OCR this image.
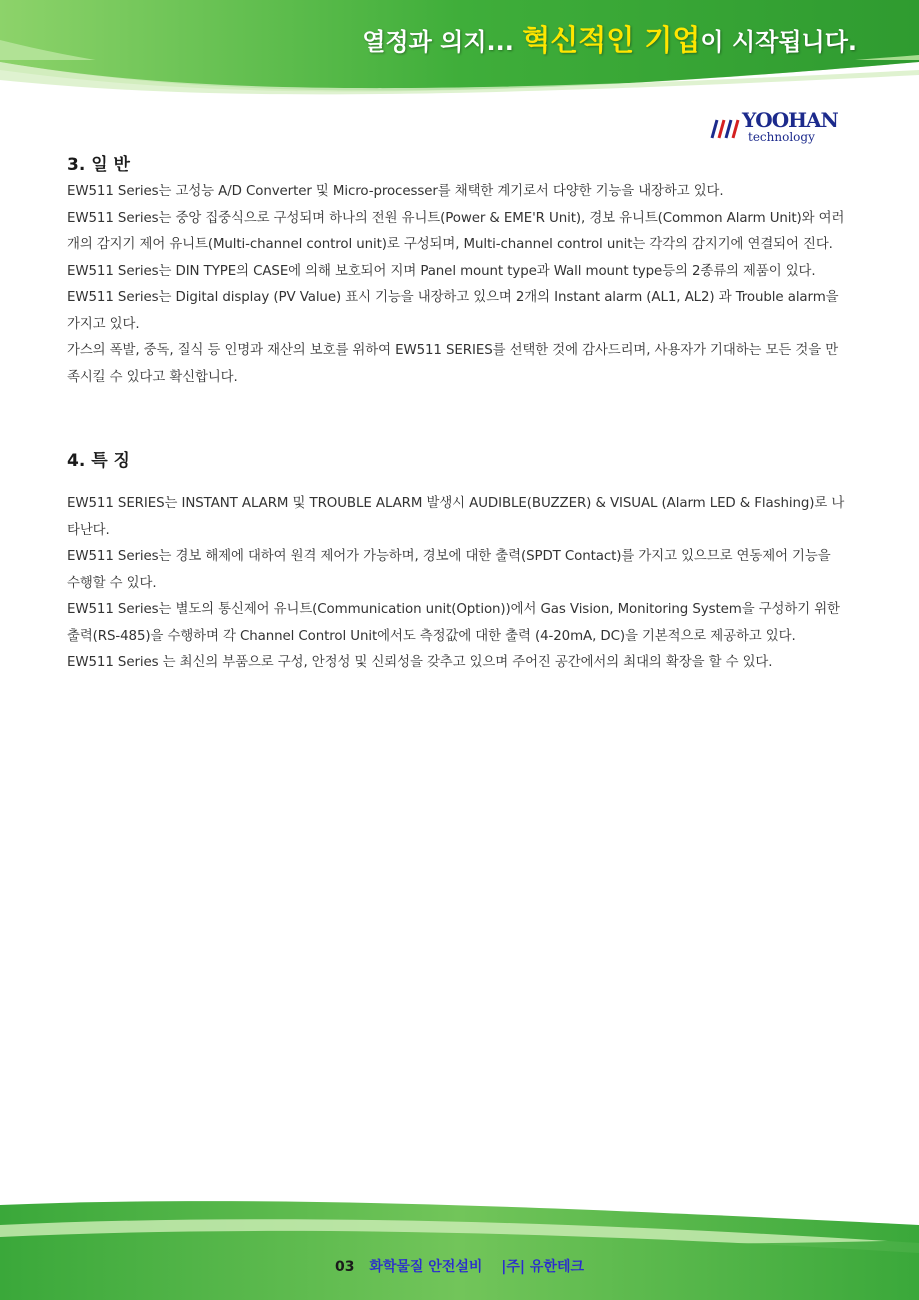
열정과 의지... 혁신적인 기업이 시작됩니다.
YOOHAN
technology
3. 일 반

EW511 Series는 고성능 A/D Converter 및 Micro-processer를 채택한 계기로서 다양한 기능을 내장하고 있다.

EW511 Series는 중앙 집중식으로 구성되며 하나의 전원 유니트(Power & EME'R Unit), 경보 유니트(Common Alarm Unit)와 여러 개의 감지기 제어 유니트(Multi-channel control unit)로 구성되며, Multi-channel control unit는 각각의 감지기에 연결되어 진다. EW511 Series는 DIN TYPE의 CASE에 의해 보호되어 지며 Panel mount type과 Wall mount type등의 2종류의 제품이 있다.

EW511 Series는 Digital display (PV Value) 표시 기능을 내장하고 있으며 2개의 Instant alarm (AL1, AL2) 과 Trouble alarm을 가지고 있다.

가스의 폭발, 중독, 질식 등 인명과 재산의 보호를 위하여 EW511 SERIES를 선택한 것에 감사드리며, 사용자가 기대하는 모든 것을 만족시킬 수 있다고 확신합니다.

4. 특 징

EW511 SERIES는 INSTANT ALARM 및 TROUBLE ALARM 발생시 AUDIBLE(BUZZER) & VISUAL (Alarm LED & Flashing)로 나타난다.

EW511 Series는 경보 해제에 대하여 원격 제어가 가능하며, 경보에 대한 출력(SPDT Contact)를 가지고 있으므로 연동제어 기능을 수행할 수 있다.

EW511 Series는 별도의 통신제어 유니트(Communication unit(Option))에서 Gas Vision, Monitoring System을 구성하기 위한 출력(RS-485)을 수행하며 각 Channel Control Unit에서도 측정값에 대한 출력 (4-20mA, DC)을 기본적으로 제공하고 있다.

EW511 Series 는 최신의 부품으로 구성, 안정성 및 신뢰성을 갖추고 있으며 주어진 공간에서의 최대의 확장을 할 수 있다.

03 화학물질 안전설비 |주| 유한테크
